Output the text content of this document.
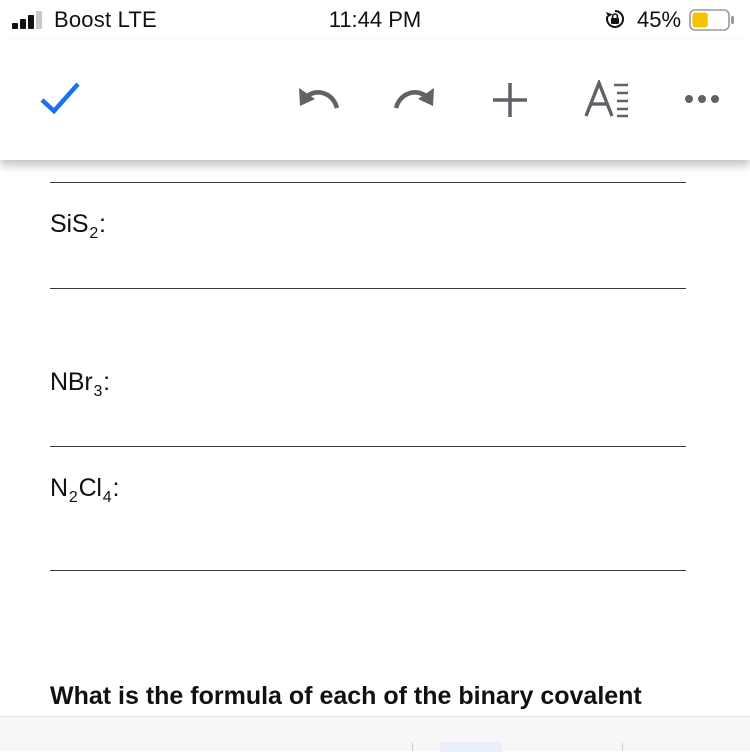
Boost LTE	11:44 PM	45%
SiS$_2$:
NBr$_3$:
$N_2Cl_4$:
What is the formula of each of the binary covalent
